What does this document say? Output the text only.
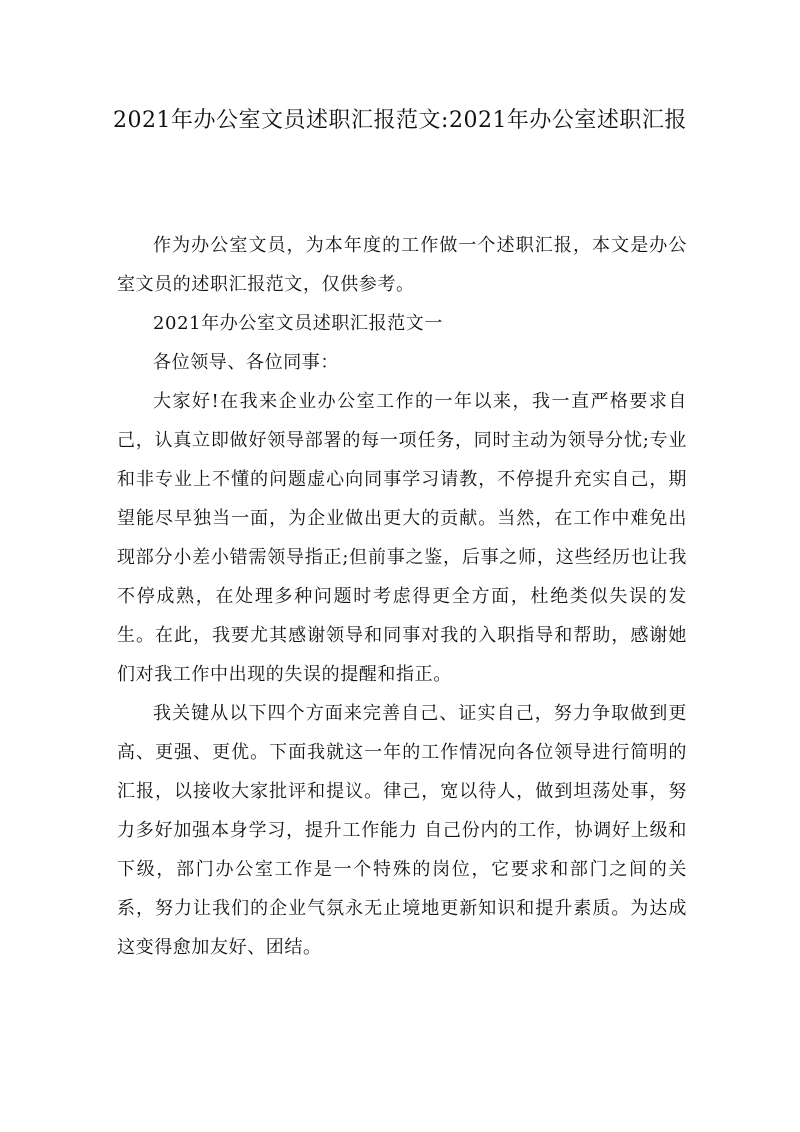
2021年办公室文员述职汇报范文:2021年办公室述职汇报

作为办公室文员，为本年度的工作做一个述职汇报，本文是办公室文员的述职汇报范文，仅供参考。

2021年办公室文员述职汇报范文一

各位领导、各位同事：

大家好!在我来企业办公室工作的一年以来，我一直严格要求自己，认真立即做好领导部署的每一项任务，同时主动为领导分忧;专业和非专业上不懂的问题虚心向同事学习请教，不停提升充实自己，期望能尽早独当一面，为企业做出更大的贡献。当然，在工作中难免出现部分小差小错需领导指正;但前事之鉴，后事之师，这些经历也让我不停成熟，在处理多种问题时考虑得更全方面，杜绝类似失误的发生。在此，我要尤其感谢领导和同事对我的入职指导和帮助，感谢她们对我工作中出现的失误的提醒和指正。

我关键从以下四个方面来完善自己、证实自己，努力争取做到更高、更强、更优。下面我就这一年的工作情况向各位领导进行简明的汇报，以接收大家批评和提议。律己，宽以待人，做到坦荡处事，努力多好加强本身学习，提升工作能力 自己份内的工作，协调好上级和下级，部门办公室工作是一个特殊的岗位，它要求和部门之间的关系，努力让我们的企业气氛永无止境地更新知识和提升素质。为达成这变得愈加友好、团结。
